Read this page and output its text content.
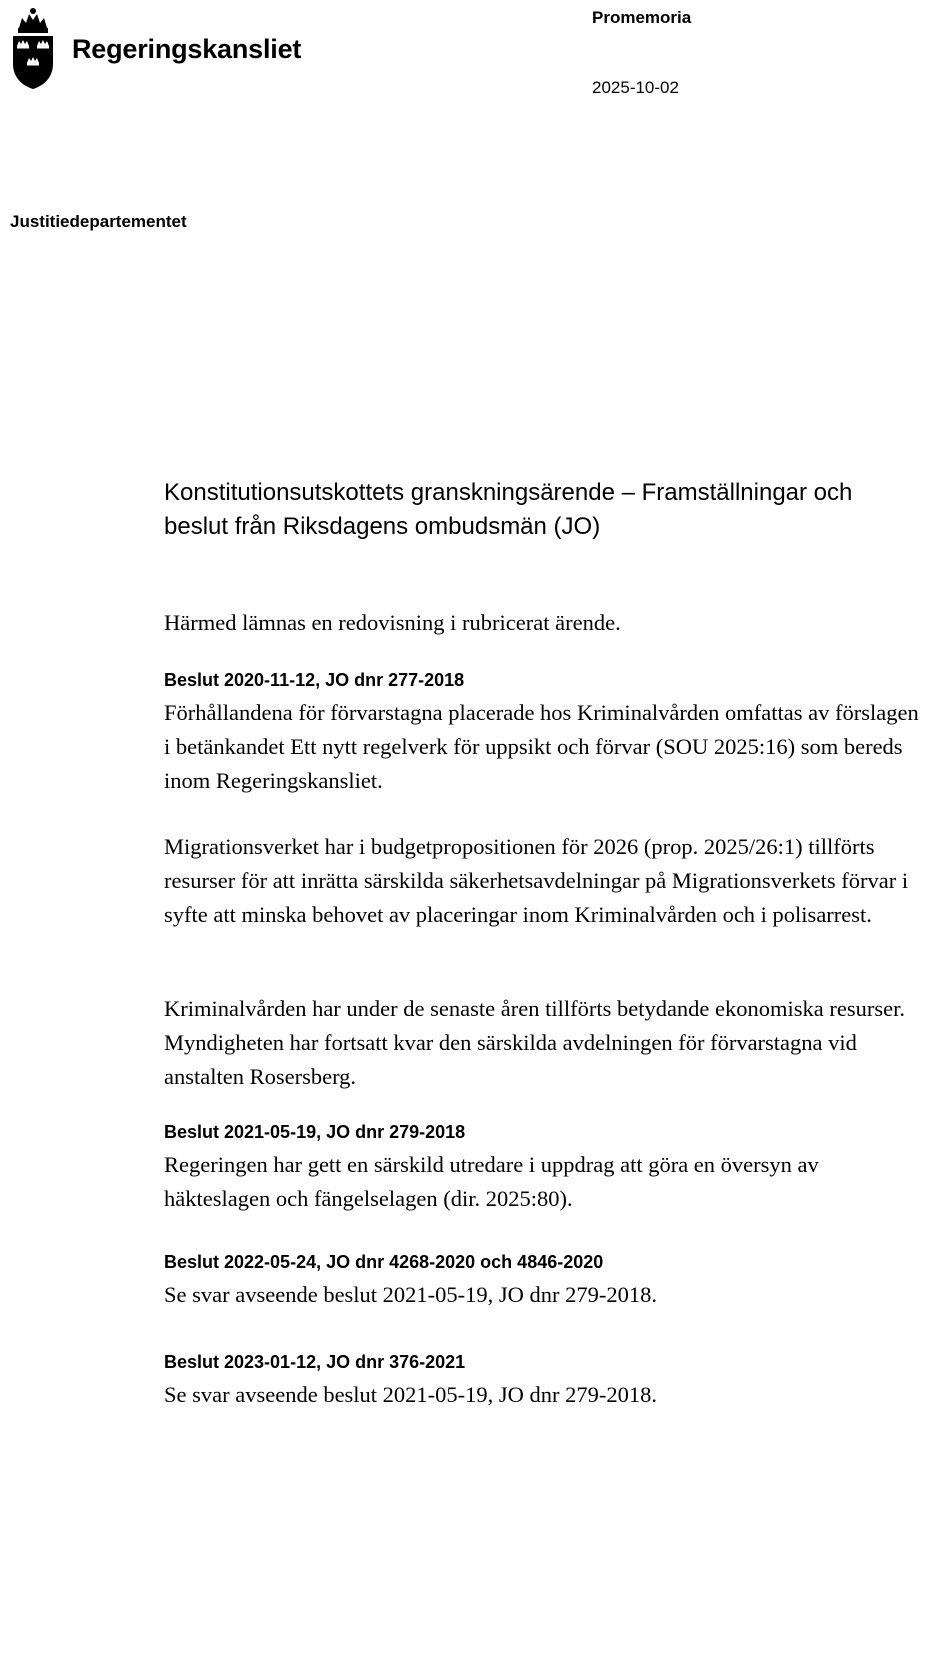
Regeringskansliet
Promemoria
2025-10-02
Justitiedepartementet
Konstitutionsutskottets granskningsärende – Framställningar och beslut från Riksdagens ombudsmän (JO)

Härmed lämnas en redovisning i rubricerat ärende.

Beslut 2020-11-12, JO dnr 277-2018

Förhållandena för förvarstagna placerade hos Kriminalvården omfattas av förslagen i betänkandet Ett nytt regelverk för uppsikt och förvar (SOU 2025:16) som bereds inom Regeringskansliet.

Migrationsverket har i budgetpropositionen för 2026 (prop. 2025/26:1) tillförts resurser för att inrätta särskilda säkerhetsavdelningar på Migrationsverkets förvar i syfte att minska behovet av placeringar inom Kriminalvården och i polisarrest.

Kriminalvården har under de senaste åren tillförts betydande ekonomiska resurser. Myndigheten har fortsatt kvar den särskilda avdelningen för förvarstagna vid anstalten Rosersberg.

Beslut 2021-05-19, JO dnr 279-2018

Regeringen har gett en särskild utredare i uppdrag att göra en översyn av häkteslagen och fängelselagen (dir. 2025:80).

Beslut 2022-05-24, JO dnr 4268-2020 och 4846-2020

Se svar avseende beslut 2021-05-19, JO dnr 279-2018.

Beslut 2023-01-12, JO dnr 376-2021

Se svar avseende beslut 2021-05-19, JO dnr 279-2018.
